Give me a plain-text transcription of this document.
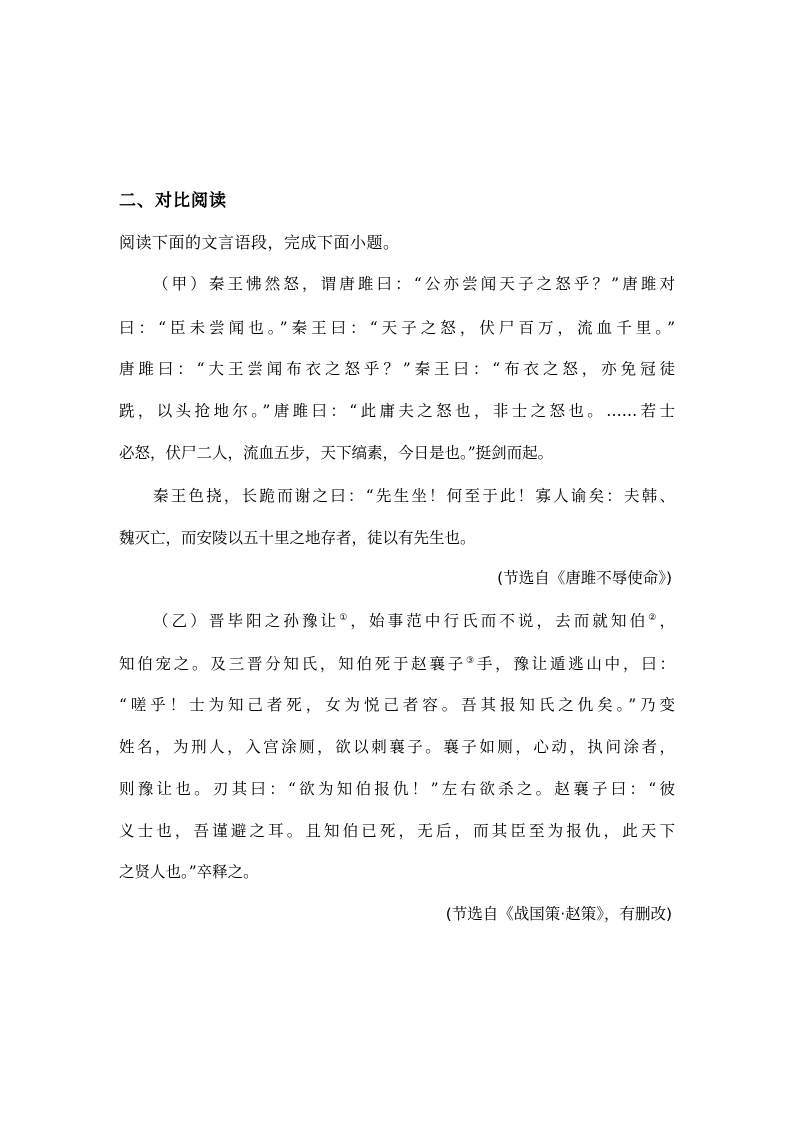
二、对比阅读
阅读下面的文言语段，完成下面小题。
（甲）秦王怫然怒，谓唐雎曰：“公亦尝闻天子之怒乎？”唐雎对
曰：“臣未尝闻也。”秦王曰：“天子之怒，伏尸百万，流血千里。”
唐雎曰：“大王尝闻布衣之怒乎？”秦王曰：“布衣之怒，亦免冠徒
跣，以头抢地尔。”唐雎曰：“此庸夫之怒也，非士之怒也。……若士
必怒，伏尸二人，流血五步，天下缟素，今日是也。”挺剑而起。
秦王色挠，长跪而谢之曰：“先生坐！何至于此！寡人谕矣：夫韩、
魏灭亡，而安陵以五十里之地存者，徒以有先生也。
(节选自《唐雎不辱使命》)
（乙）晋毕阳之孙豫让①，始事范中行氏而不说，去而就知伯②，
知伯宠之。及三晋分知氏，知伯死于赵襄子③手，豫让遁逃山中，曰：
“嗟乎！士为知己者死，女为悦己者容。吾其报知氏之仇矣。”乃变
姓名，为刑人，入宫涂厕，欲以刺襄子。襄子如厕，心动，执问涂者，
则豫让也。刃其曰：“欲为知伯报仇！”左右欲杀之。赵襄子曰：“彼
义士也，吾谨避之耳。且知伯已死，无后，而其臣至为报仇，此天下
之贤人也。”卒释之。
(节选自《战国策·赵策》，有删改)
